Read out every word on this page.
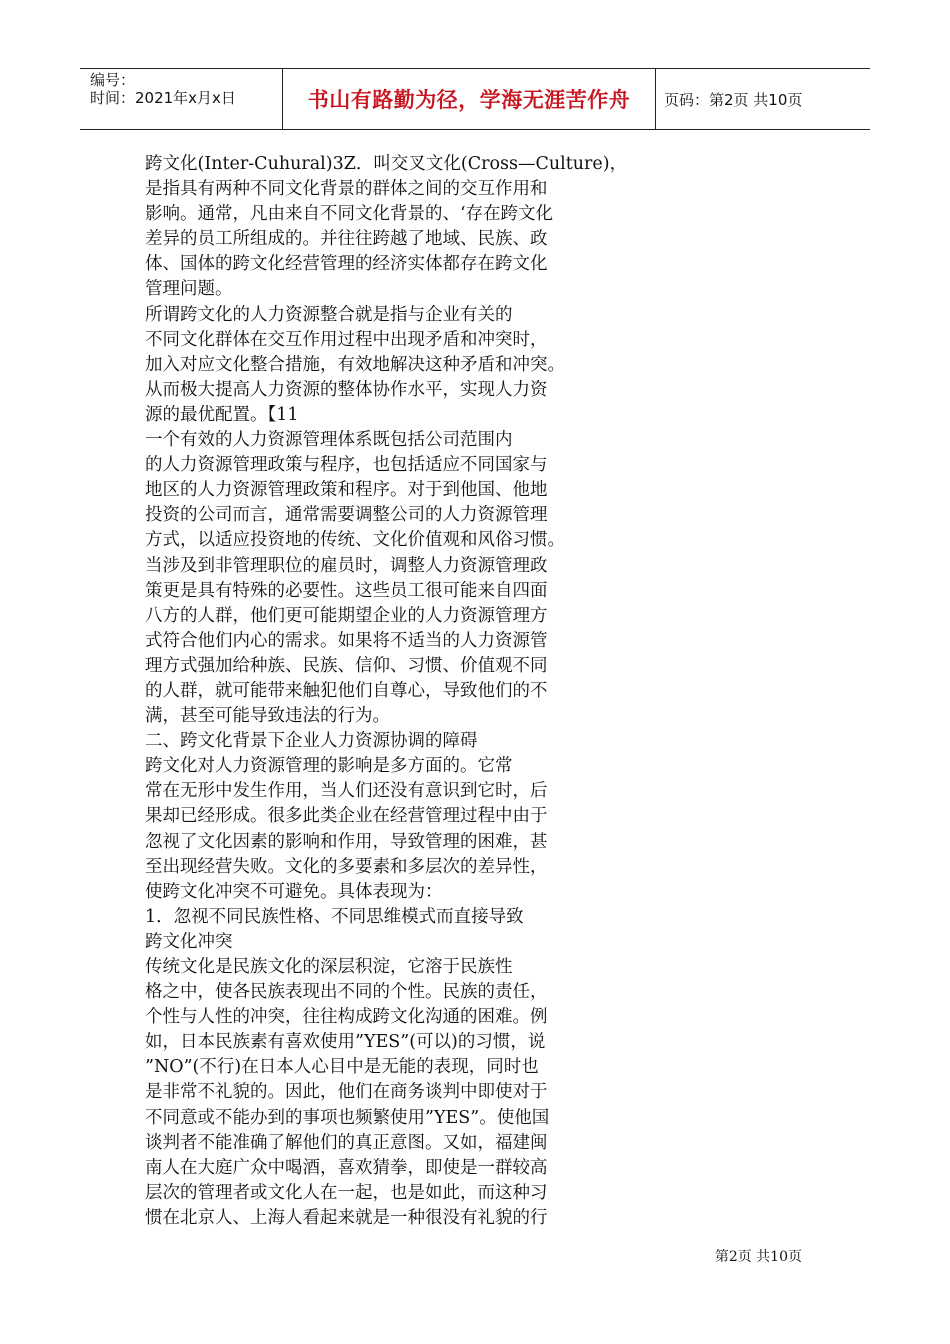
编号：
时间：2021年x月x日	书山有路勤为径，学海无涯苦作舟 页码：第2页 共10页
跨文化(Inter-Cuhural)3Z．叫交叉文化(Cross—Culture)，
是指具有两种不同文化背景的群体之间的交互作用和
影响。通常，凡由来自不同文化背景的、‘存在跨文化
差异的员工所组成的。并往往跨越了地域、民族、政
体、国体的跨文化经营管理的经济实体都存在跨文化
管理问题。
所谓跨文化的人力资源整合就是指与企业有关的
不同文化群体在交互作用过程中出现矛盾和冲突时，
加入对应文化整合措施，有效地解决这种矛盾和冲突。
从而极大提高人力资源的整体协作水平，实现人力资
源的最优配置。【11
一个有效的人力资源管理体系既包括公司范围内
的人力资源管理政策与程序，也包括适应不同国家与
地区的人力资源管理政策和程序。对于到他国、他地
投资的公司而言，通常需要调整公司的人力资源管理
方式，以适应投资地的传统、文化价值观和风俗习惯。
当涉及到非管理职位的雇员时，调整人力资源管理政
策更是具有特殊的必要性。这些员工很可能来自四面
八方的人群，他们更可能期望企业的人力资源管理方
式符合他们内心的需求。如果将不适当的人力资源管
理方式强加给种族、民族、信仰、习惯、价值观不同
的人群，就可能带来触犯他们自尊心，导致他们的不
满，甚至可能导致违法的行为。
二、跨文化背景下企业人力资源协调的障碍
跨文化对人力资源管理的影响是多方面的。它常
常在无形中发生作用，当人们还没有意识到它时，后
果却已经形成。很多此类企业在经营管理过程中由于
忽视了文化因素的影响和作用，导致管理的困难，甚
至出现经营失败。文化的多要素和多层次的差异性，
使跨文化冲突不可避免。具体表现为：
1．忽视不同民族性格、不同思维模式而直接导致
跨文化冲突
传统文化是民族文化的深层积淀，它溶于民族性
格之中，使各民族表现出不同的个性。民族的责任，
个性与人性的冲突，往往构成跨文化沟通的困难。例
如，日本民族素有喜欢使用”YES”(可以)的习惯，说
”NO”(不行)在日本人心目中是无能的表现，同时也
是非常不礼貌的。因此，他们在商务谈判中即使对于
不同意或不能办到的事项也频繁使用”YES”。使他国
谈判者不能准确了解他们的真正意图。又如，福建闽
南人在大庭广众中喝酒，喜欢猜拳，即使是一群较高
层次的管理者或文化人在一起，也是如此，而这种习
惯在北京人、上海人看起来就是一种很没有礼貌的行
第2页 共10页
